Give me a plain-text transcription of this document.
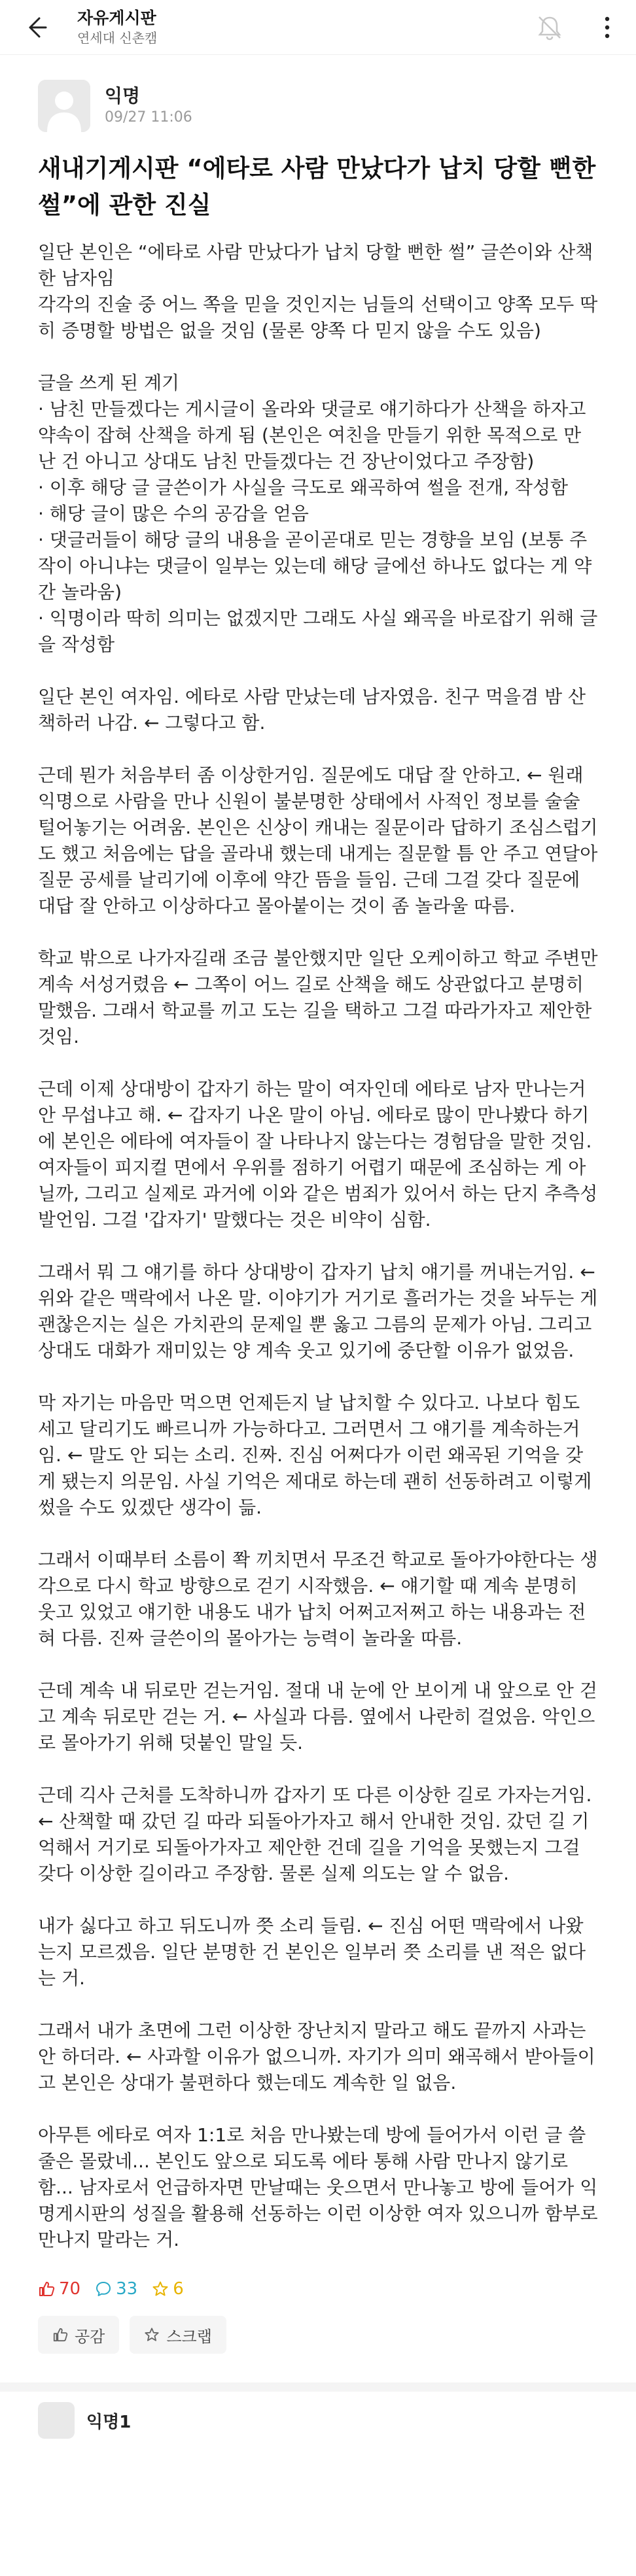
자유게시판
연세대 신촌캠
익명
09/27 11:06
새내기게시판 “에타로 사람 만났다가 납치 당할 뻔한 썰”에 관한 진실

일단 본인은 “에타로 사람 만났다가 납치 당할 뻔한 썰” 글쓴이와 산책한 남자임
각각의 진술 중 어느 쪽을 믿을 것인지는 님들의 선택이고 양쪽 모두 딱히 증명할 방법은 없을 것임 (물론 양쪽 다 믿지 않을 수도 있음)

글을 쓰게 된 계기
· 남친 만들겠다는 게시글이 올라와 댓글로 얘기하다가 산책을 하자고 약속이 잡혀 산책을 하게 됨 (본인은 여친을 만들기 위한 목적으로 만난 건 아니고 상대도 남친 만들겠다는 건 장난이었다고 주장함)
· 이후 해당 글 글쓴이가 사실을 극도로 왜곡하여 썰을 전개, 작성함
· 해당 글이 많은 수의 공감을 얻음
· 댓글러들이 해당 글의 내용을 곧이곧대로 믿는 경향을 보임 (보통 주작이 아니냐는 댓글이 일부는 있는데 해당 글에선 하나도 없다는 게 약간 놀라움)
· 익명이라 딱히 의미는 없겠지만 그래도 사실 왜곡을 바로잡기 위해 글을 작성함

일단 본인 여자임. 에타로 사람 만났는데 남자였음. 친구 먹을겸 밤 산책하러 나감. ← 그렇다고 함.

근데 뭔가 처음부터 좀 이상한거임. 질문에도 대답 잘 안하고. ← 원래 익명으로 사람을 만나 신원이 불분명한 상태에서 사적인 정보를 술술 털어놓기는 어려움. 본인은 신상이 캐내는 질문이라 답하기 조심스럽기도 했고 처음에는 답을 골라내 했는데 내게는 질문할 틈 안 주고 연달아 질문 공세를 날리기에 이후에 약간 뜸을 들임. 근데 그걸 갖다 질문에 대답 잘 안하고 이상하다고 몰아붙이는 것이 좀 놀라울 따름.

학교 밖으로 나가자길래 조금 불안했지만 일단 오케이하고 학교 주변만 계속 서성거렸음 ← 그쪽이 어느 길로 산책을 해도 상관없다고 분명히 말했음. 그래서 학교를 끼고 도는 길을 택하고 그걸 따라가자고 제안한 것임.

근데 이제 상대방이 갑자기 하는 말이 여자인데 에타로 남자 만나는거 안 무섭냐고 해. ← 갑자기 나온 말이 아님. 에타로 많이 만나봤다 하기에 본인은 에타에 여자들이 잘 나타나지 않는다는 경험담을 말한 것임. 여자들이 피지컬 면에서 우위를 점하기 어렵기 때문에 조심하는 게 아닐까, 그리고 실제로 과거에 이와 같은 범죄가 있어서 하는 단지 추측성 발언임. 그걸 '갑자기' 말했다는 것은 비약이 심함.

그래서 뭐 그 얘기를 하다 상대방이 갑자기 납치 얘기를 꺼내는거임. ← 위와 같은 맥락에서 나온 말. 이야기가 거기로 흘러가는 것을 놔두는 게 괜찮은지는 실은 가치관의 문제일 뿐 옳고 그름의 문제가 아님. 그리고 상대도 대화가 재미있는 양 계속 웃고 있기에 중단할 이유가 없었음.

막 자기는 마음만 먹으면 언제든지 날 납치할 수 있다고. 나보다 힘도 세고 달리기도 빠르니까 가능하다고. 그러면서 그 얘기를 계속하는거임. ← 말도 안 되는 소리. 진짜. 진심 어쩌다가 이런 왜곡된 기억을 갖게 됐는지 의문임. 사실 기억은 제대로 하는데 괜히 선동하려고 이렇게 썼을 수도 있겠단 생각이 듦.

그래서 이때부터 소름이 쫙 끼치면서 무조건 학교로 돌아가야한다는 생각으로 다시 학교 방향으로 걷기 시작했음. ← 얘기할 때 계속 분명히 웃고 있었고 얘기한 내용도 내가 납치 어쩌고저쩌고 하는 내용과는 전혀 다름. 진짜 글쓴이의 몰아가는 능력이 놀라울 따름.

근데 계속 내 뒤로만 걷는거임. 절대 내 눈에 안 보이게 내 앞으로 안 걷고 계속 뒤로만 걷는 거. ← 사실과 다름. 옆에서 나란히 걸었음. 악인으로 몰아가기 위해 덧붙인 말일 듯.

근데 긱사 근처를 도착하니까 갑자기 또 다른 이상한 길로 가자는거임. ← 산책할 때 갔던 길 따라 되돌아가자고 해서 안내한 것임. 갔던 길 기억해서 거기로 되돌아가자고 제안한 건데 길을 기억을 못했는지 그걸 갖다 이상한 길이라고 주장함. 물론 실제 의도는 알 수 없음.

내가 싫다고 하고 뒤도니까 쯧 소리 들림. ← 진심 어떤 맥락에서 나왔는지 모르겠음. 일단 분명한 건 본인은 일부러 쯧 소리를 낸 적은 없다는 거.

그래서 내가 초면에 그런 이상한 장난치지 말라고 해도 끝까지 사과는 안 하더라. ← 사과할 이유가 없으니까. 자기가 의미 왜곡해서 받아들이고 본인은 상대가 불편하다 했는데도 계속한 일 없음.

아무튼 에타로 여자 1:1로 처음 만나봤는데 방에 들어가서 이런 글 쓸 줄은 몰랐네... 본인도 앞으로 되도록 에타 통해 사람 만나지 않기로 함... 남자로서 언급하자면 만날때는 웃으면서 만나놓고 방에 들어가 익명게시판의 성질을 활용해 선동하는 이런 이상한 여자 있으니까 함부로 만나지 말라는 거.

70 33 6
공감	스크랩
익명1
